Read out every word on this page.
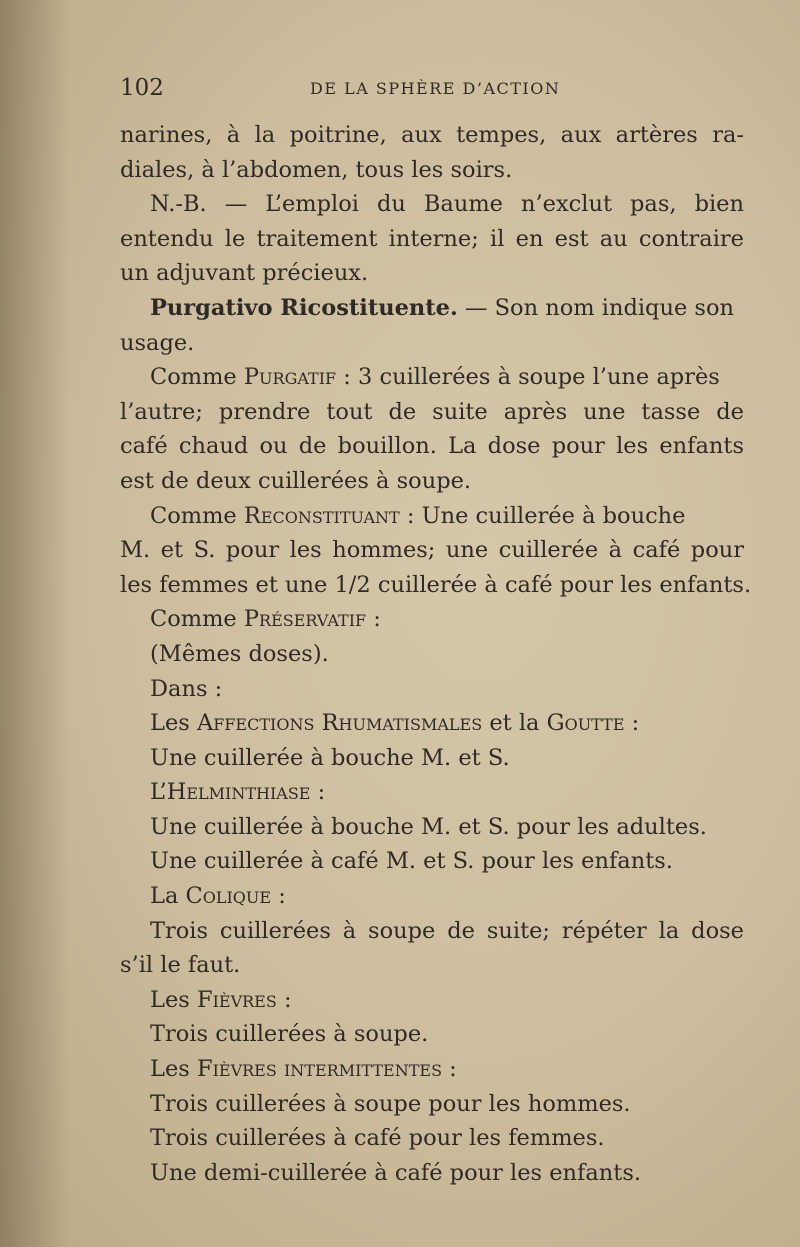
102	DE LA SPHÈRE D’ACTION
narines, à la poitrine, aux tempes, aux artères ra-
diales, à l’abdomen, tous les soirs.
N.-B. — L’emploi du Baume n’exclut pas, bien
entendu le traitement interne; il en est au contraire
un adjuvant précieux.
Purgativo Ricostituente. — Son nom indique son
usage.
Comme Purgatif : 3 cuillerées à soupe l’une après
l’autre; prendre tout de suite après une tasse de
café chaud ou de bouillon. La dose pour les enfants
est de deux cuillerées à soupe.
Comme Reconstituant : Une cuillerée à bouche
M. et S. pour les hommes; une cuillerée à café pour
les femmes et une 1/2 cuillerée à café pour les enfants.
Comme Préservatif :
(Mêmes doses).
Dans :
Les Affections Rhumatismales et la Goutte :
Une cuillerée à bouche M. et S.
L’Helminthiase :
Une cuillerée à bouche M. et S. pour les adultes.
Une cuillerée à café M. et S. pour les enfants.
La Colique :
Trois cuillerées à soupe de suite; répéter la dose
s’il le faut.
Les Fièvres :
Trois cuillerées à soupe.
Les Fièvres intermittentes :
Trois cuillerées à soupe pour les hommes.
Trois cuillerées à café pour les femmes.
Une demi-cuillerée à café pour les enfants.
